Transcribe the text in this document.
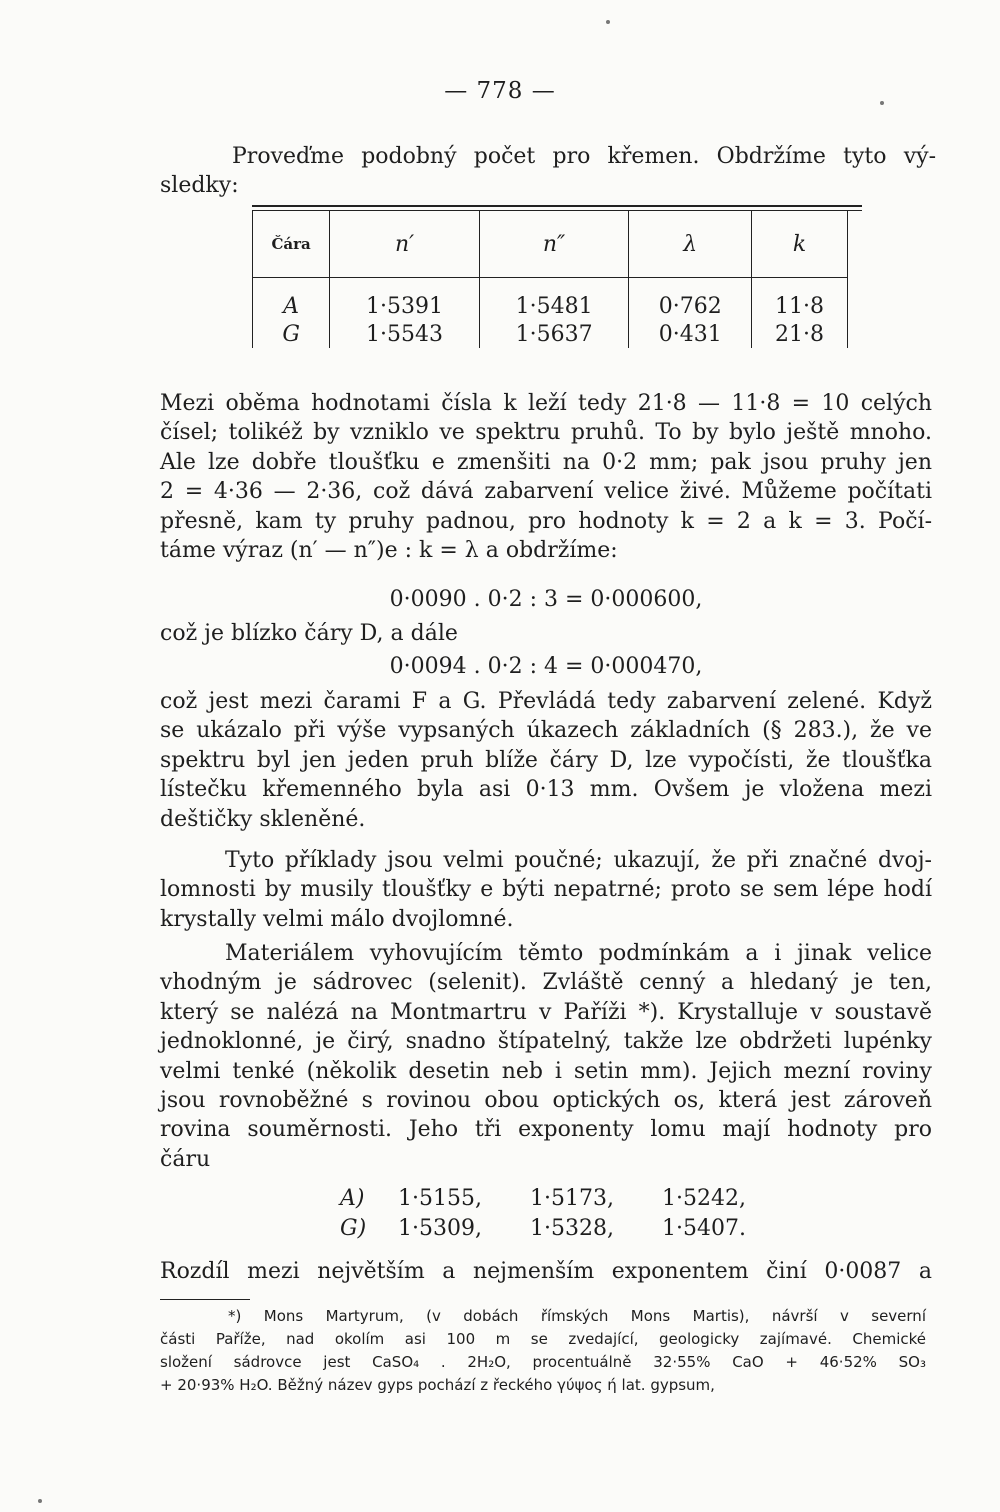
— 778 —
Proveďme podobný počet pro křemen. Obdržíme tyto vý-
sledky:
Čára	n′	n″	λ	k
A	1·5391	1·5481	0·762	11·8
G	1·5543	1·5637	0·431	21·8
Mezi oběma hodnotami čísla k leží tedy 21·8 — 11·8 = 10 celých
čísel; tolikéž by vzniklo ve spektru pruhů. To by bylo ještě mnoho.
Ale lze dobře tloušťku e zmenšiti na 0·2 mm; pak jsou pruhy jen
2 = 4·36 — 2·36, což dává zabarvení velice živé. Můžeme počítati
přesně, kam ty pruhy padnou, pro hodnoty k = 2 a k = 3. Počí-
táme výraz (n′ — n″)e : k = λ a obdržíme:
0·0090 . 0·2 : 3 = 0·000600,
což je blízko čáry D, a dále
0·0094 . 0·2 : 4 = 0·000470,
což jest mezi čarami F a G. Převládá tedy zabarvení zelené. Když
se ukázalo při výše vypsaných úkazech základních (§ 283.), že ve
spektru byl jen jeden pruh blíže čáry D, lze vypočísti, že tloušťka
lístečku křemenného byla asi 0·13 mm. Ovšem je vložena mezi
deštičky skleněné.
Tyto příklady jsou velmi poučné; ukazují, že při značné dvoj-
lomnosti by musily tloušťky e býti nepatrné; proto se sem lépe hodí
krystally velmi málo dvojlomné.
Materiálem vyhovujícím těmto podmínkám a i jinak velice
vhodným je sádrovec (selenit). Zvláště cenný a hledaný je ten,
který se nalézá na Montmartru v Paříži *). Krystalluje v soustavě
jednoklonné, je čirý, snadno štípatelný, takže lze obdržeti lupénky
velmi tenké (několik desetin neb i setin mm). Jejich mezní roviny
jsou rovnoběžné s rovinou obou optických os, která jest zároveň
rovina souměrnosti. Jeho tři exponenty lomu mají hodnoty pro
čáru
A) 1·5155, 1·5173, 1·5242,
G) 1·5309, 1·5328, 1·5407.
Rozdíl mezi největším a nejmenším exponentem činí 0·0087 a
*) Mons Martyrum, (v dobách římských Mons Martis), návrší v severní
části Paříže, nad okolím asi 100 m se zvedající, geologicky zajímavé. Chemické
složení sádrovce jest CaSO₄ . 2H₂O, procentuálně 32·55% CaO + 46·52% SO₃
+ 20·93% H₂O. Běžný název gyps pochází z řeckého γύψος ή lat. gypsum,
